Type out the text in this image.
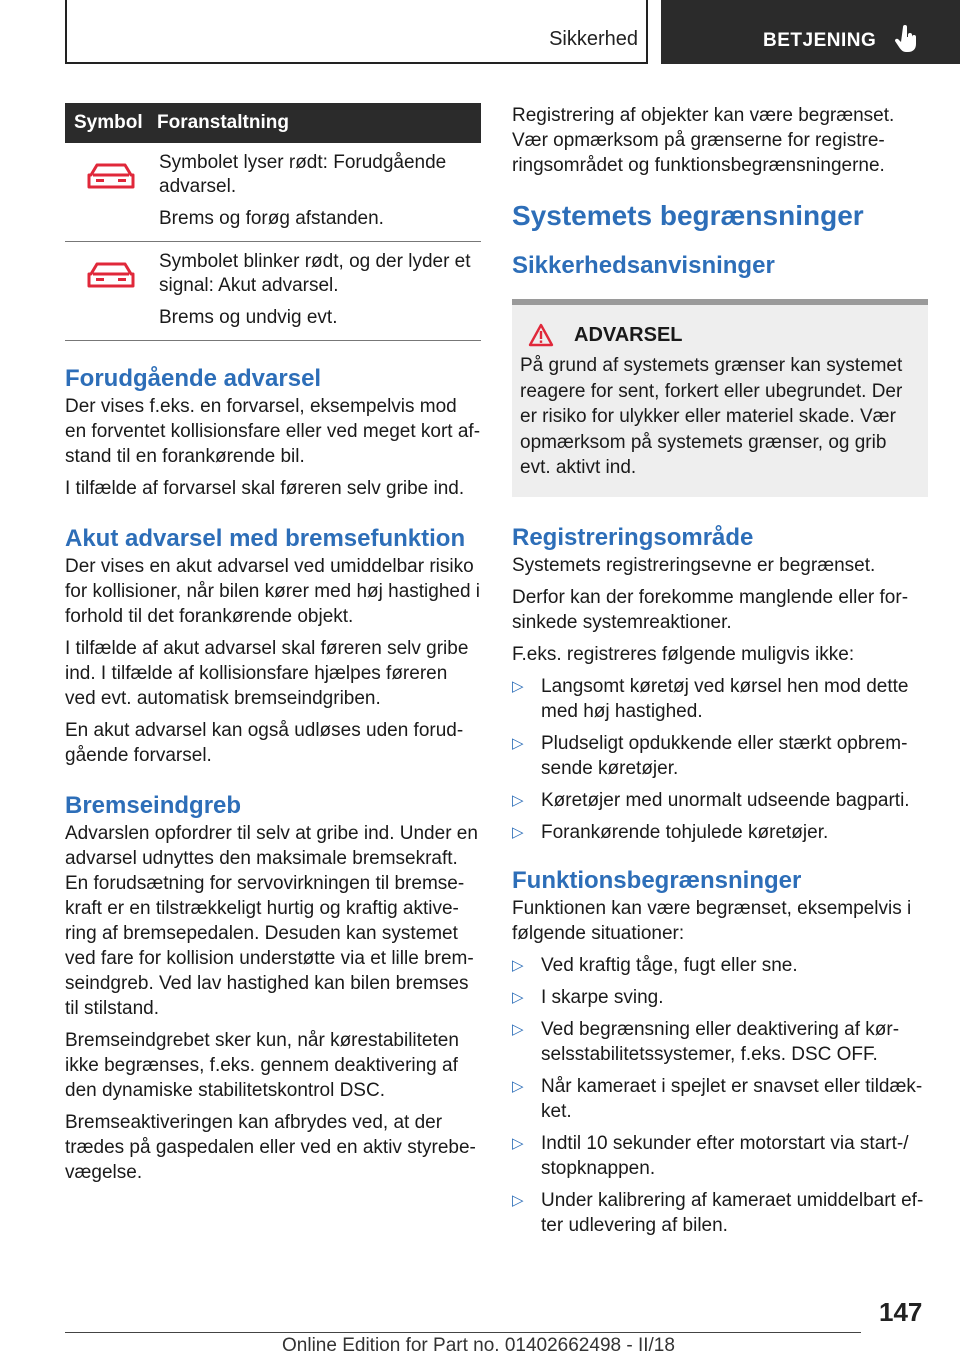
Sikkerhed	BETJENING
Symbol	Foranstaltning

Symbolet lyser rødt: Forudgående advarsel.

Brems og forøg afstanden.

Symbolet blinker rødt, og der lyder et signal: Akut advarsel.

Brems og undvig evt.

Forudgående advarsel

Der vises f.eks. en forvarsel, eksempelvis mod en forventet kollisionsfare eller ved meget kort afstand til en forankørende bil.

I tilfælde af forvarsel skal føreren selv gribe ind.

Akut advarsel med bremsefunktion

Der vises en akut advarsel ved umiddelbar risiko for kollisioner, når bilen kører med høj hastighed i forhold til det forankørende objekt.

I tilfælde af akut advarsel skal føreren selv gribe ind. I tilfælde af kollisionsfare hjælpes føreren ved evt. automatisk bremseindgriben.

En akut advarsel kan også udløses uden forudgående forvarsel.

Bremseindgreb

Advarslen opfordrer til selv at gribe ind. Under en advarsel udnyttes den maksimale bremsekraft. En forudsætning for servovirkningen til bremsekraft er en tilstrækkeligt hurtig og kraftig aktivering af bremsepedalen. Desuden kan systemet ved fare for kollision understøtte via et lille bremseindgreb. Ved lav hastighed kan bilen bremses til stilstand.

Bremseindgrebet sker kun, når kørestabiliteten ikke begrænses, f.eks. gennem deaktivering af den dynamiske stabilitetskontrol DSC.

Bremseaktiveringen kan afbrydes ved, at der trædes på gaspedalen eller ved en aktiv styrebevægelse.

Registrering af objekter kan være begrænset. Vær opmærksom på grænserne for registreringsområdet og funktionsbegrænsningerne.

Systemets begrænsninger
Sikkerhedsanvisninger
ADVARSEL

På grund af systemets grænser kan systemet reagere for sent, forkert eller ubegrundet. Der er risiko for ulykker eller materiel skade. Vær opmærksom på systemets grænser, og grib evt. aktivt ind.

Registreringsområde

Systemets registreringsevne er begrænset.

Derfor kan der forekomme manglende eller forsinkede systemreaktioner.

F.eks. registreres følgende muligvis ikke:

▷ Langsomt køretøj ved kørsel hen mod dette med høj hastighed.
▷ Pludseligt opdukkende eller stærkt opbremsende køretøjer.
▷ Køretøjer med unormalt udseende bagparti.
▷ Forankørende tohjulede køretøjer.
Funktionsbegrænsninger

Funktionen kan være begrænset, eksempelvis i følgende situationer:

▷ Ved kraftig tåge, fugt eller sne.
▷ I skarpe sving.
▷ Ved begrænsning eller deaktivering af kørselsstabilitetssystemer, f.eks. DSC OFF.
▷ Når kameraet i spejlet er snavset eller tildækket.
▷ Indtil 10 sekunder efter motorstart via start-/ stopknappen.
▷ Under kalibrering af kameraet umiddelbart efter udlevering af bilen.
147
Online Edition for Part no. 01402662498 - II/18
